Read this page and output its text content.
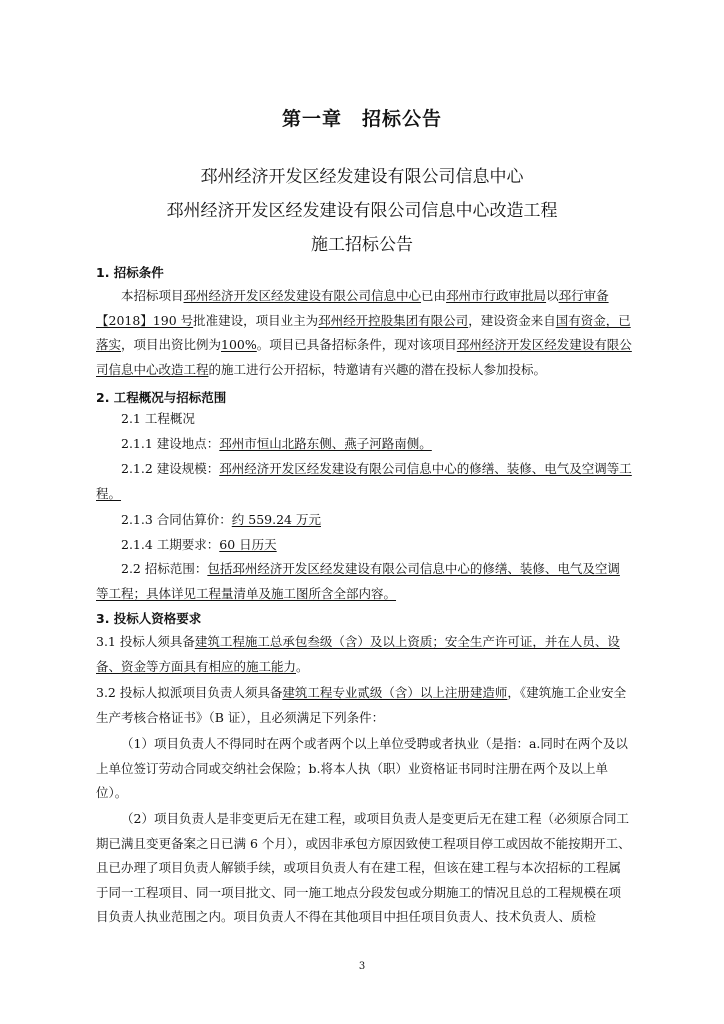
第一章　招标公告
邳州经济开发区经发建设有限公司信息中心
邳州经济开发区经发建设有限公司信息中心改造工程
施工招标公告
1. 招标条件
本招标项目邳州经济开发区经发建设有限公司信息中心已由邳州市行政审批局以邳行审备【2018】190 号批准建设，项目业主为邳州经开控股集团有限公司，建设资金来自国有资金，已落实，项目出资比例为100%。项目已具备招标条件，现对该项目邳州经济开发区经发建设有限公司信息中心改造工程的施工进行公开招标，特邀请有兴趣的潜在投标人参加投标。
2. 工程概况与招标范围
2.1 工程概况
2.1.1 建设地点：邳州市恒山北路东侧、燕子河路南侧。
2.1.2 建设规模：邳州经济开发区经发建设有限公司信息中心的修缮、装修、电气及空调等工程。
2.1.3 合同估算价：约 559.24 万元
2.1.4 工期要求：60 日历天
2.2 招标范围：包括邳州经济开发区经发建设有限公司信息中心的修缮、装修、电气及空调等工程；具体详见工程量清单及施工图所含全部内容。
3. 投标人资格要求
3.1 投标人须具备建筑工程施工总承包叁级（含）及以上资质；安全生产许可证，并在人员、设备、资金等方面具有相应的施工能力。
3.2 投标人拟派项目负责人须具备建筑工程专业贰级（含）以上注册建造师，《建筑施工企业安全生产考核合格证书》（B 证），且必须满足下列条件：
（1）项目负责人不得同时在两个或者两个以上单位受聘或者执业（是指：a.同时在两个及以上单位签订劳动合同或交纳社会保险；b.将本人执（职）业资格证书同时注册在两个及以上单位）。
（2）项目负责人是非变更后无在建工程，或项目负责人是变更后无在建工程（必须原合同工期已满且变更备案之日已满 6 个月），或因非承包方原因致使工程项目停工或因故不能按期开工、且已办理了项目负责人解锁手续，或项目负责人有在建工程，但该在建工程与本次招标的工程属于同一工程项目、同一项目批文、同一施工地点分段发包或分期施工的情况且总的工程规模在项目负责人执业范围之内。项目负责人不得在其他项目中担任项目负责人、技术负责人、质检
3
